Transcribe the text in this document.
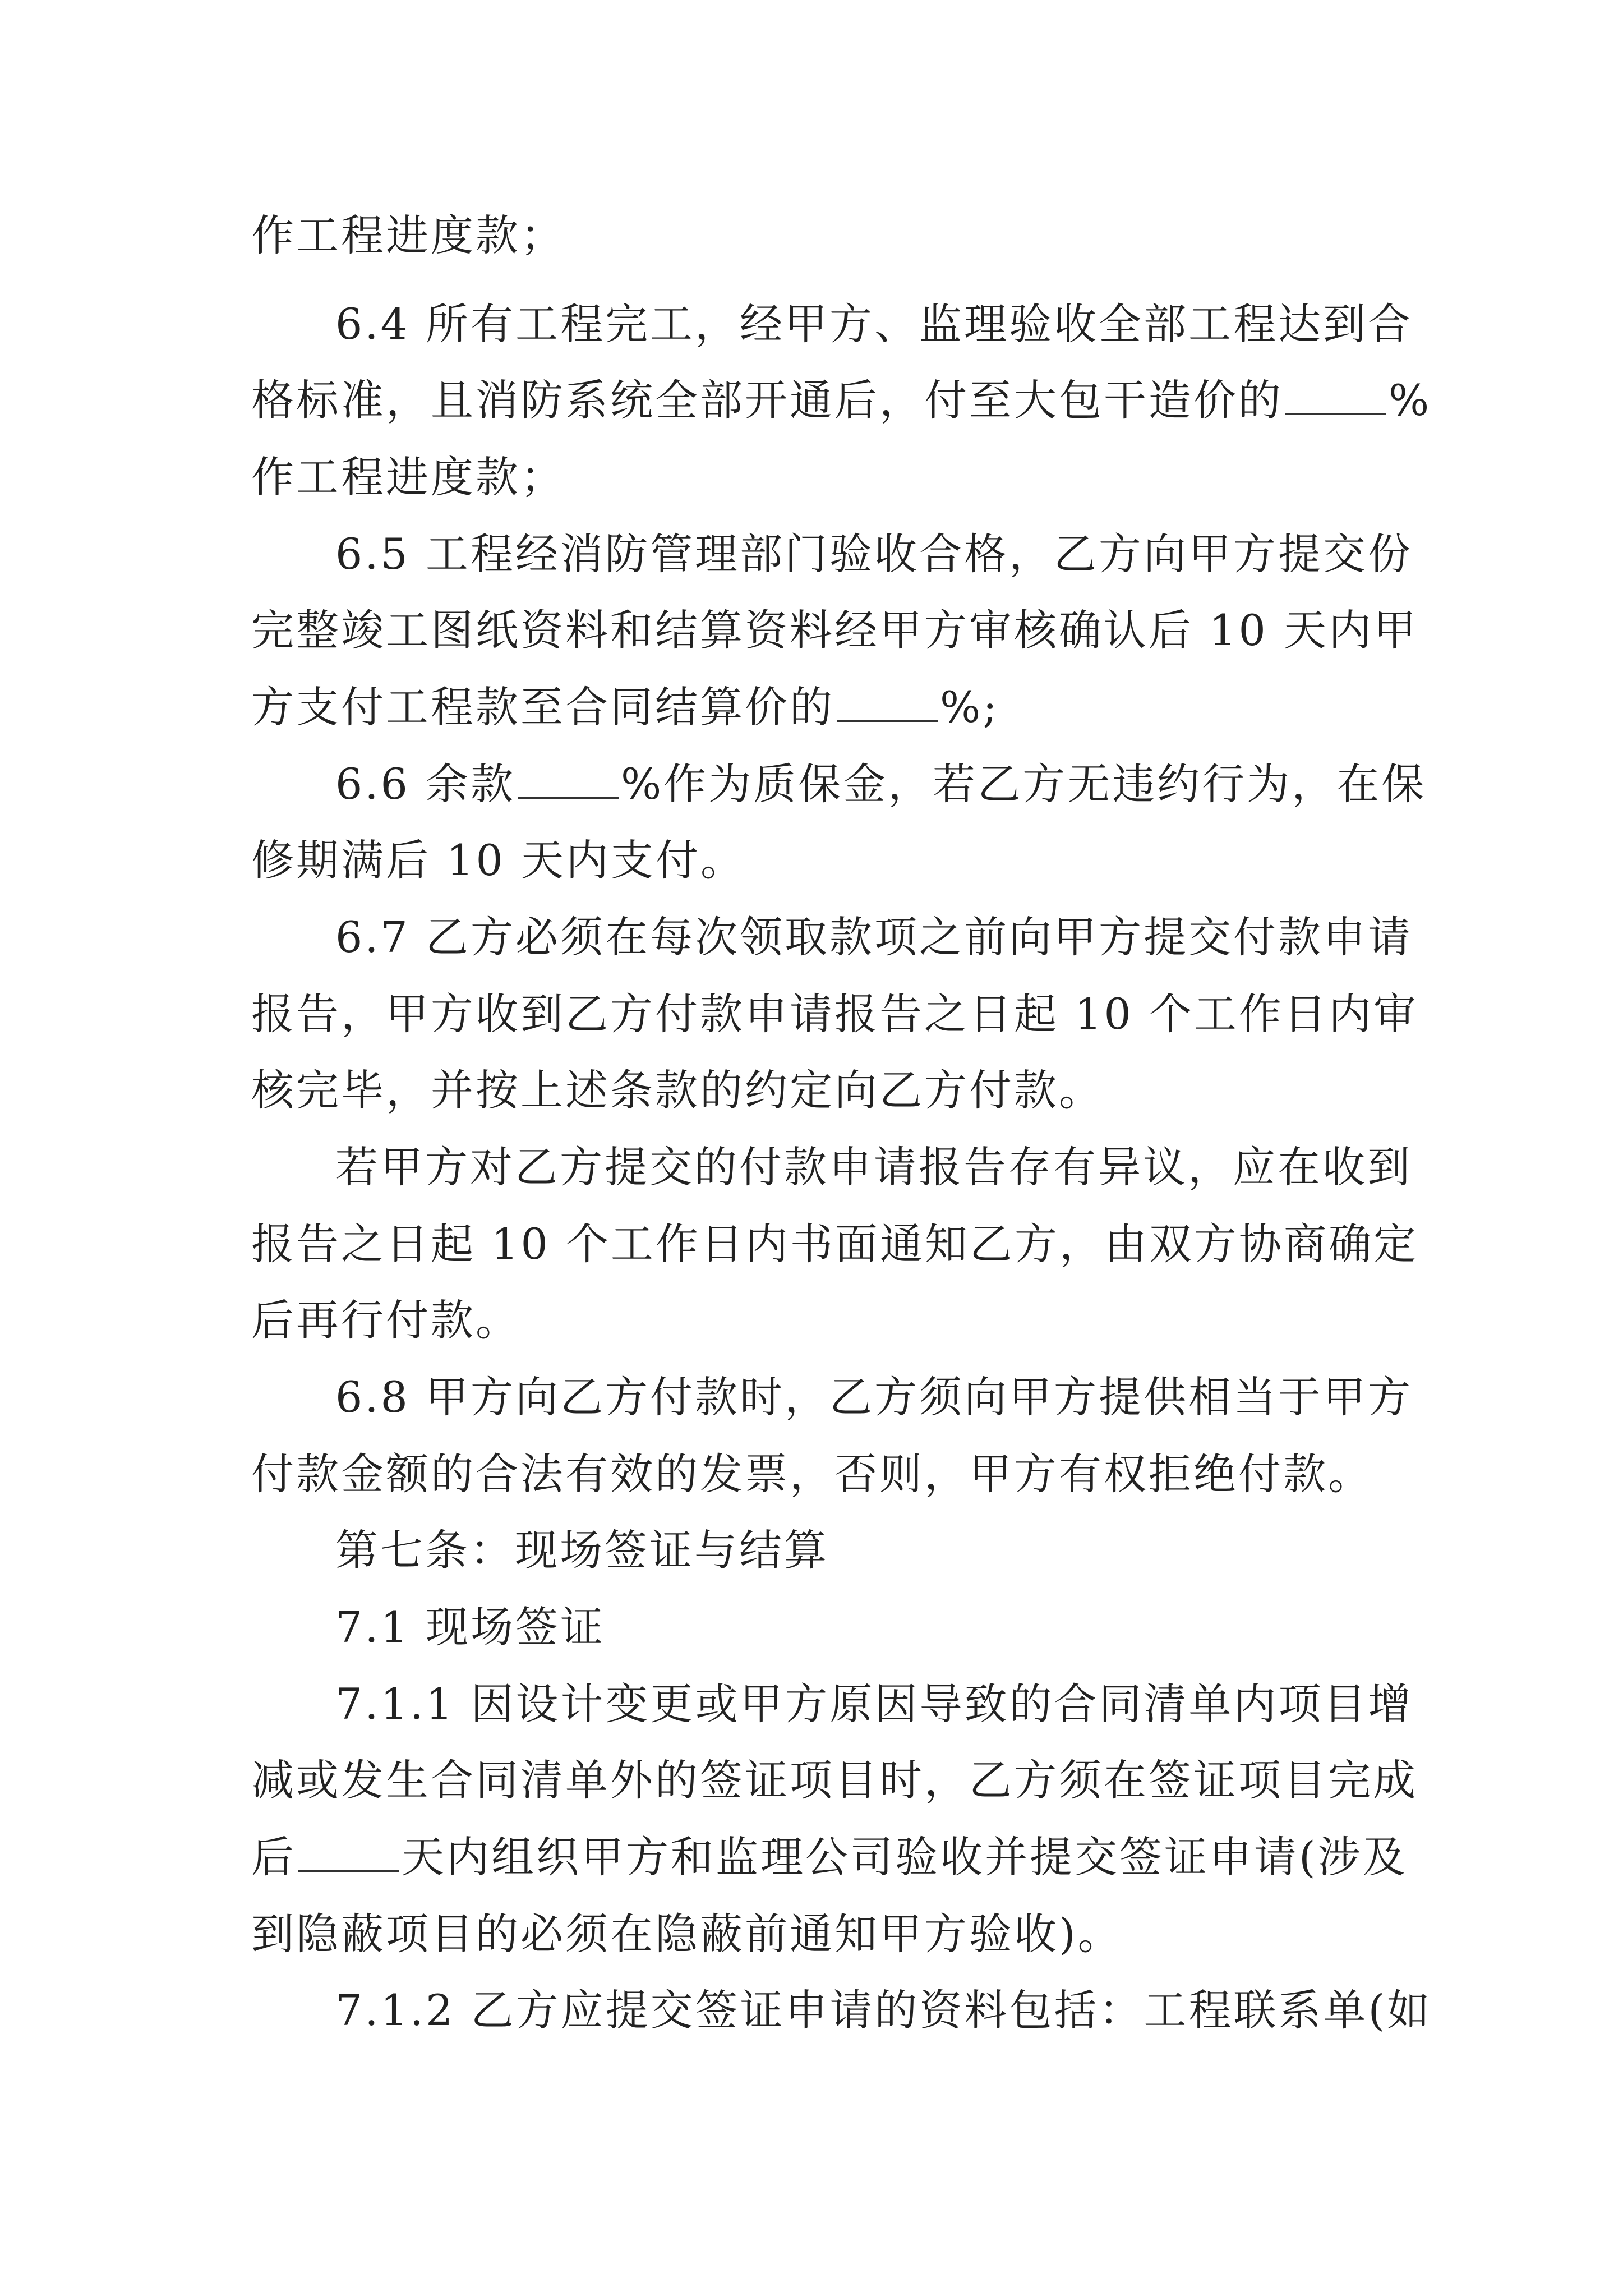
作工程进度款；
6.4 所有工程完工，经甲方、监理验收全部工程达到合
格标准，且消防系统全部开通后，付至大包干造价的 %
作工程进度款；
6.5 工程经消防管理部门验收合格，乙方向甲方提交份
完整竣工图纸资料和结算资料经甲方审核确认后 10 天内甲
方支付工程款至合同结算价的 %;
6.6 余款 %作为质保金，若乙方无违约行为，在保
修期满后 10 天内支付。
6.7 乙方必须在每次领取款项之前向甲方提交付款申请
报告，甲方收到乙方付款申请报告之日起 10 个工作日内审
核完毕，并按上述条款的约定向乙方付款。
若甲方对乙方提交的付款申请报告存有异议，应在收到
报告之日起 10 个工作日内书面通知乙方，由双方协商确定
后再行付款。
6.8 甲方向乙方付款时，乙方须向甲方提供相当于甲方
付款金额的合法有效的发票，否则，甲方有权拒绝付款。
第七条：现场签证与结算
7.1 现场签证
7.1.1 因设计变更或甲方原因导致的合同清单内项目增
减或发生合同清单外的签证项目时，乙方须在签证项目完成
后 天内组织甲方和监理公司验收并提交签证申请(涉及
到隐蔽项目的必须在隐蔽前通知甲方验收)。
7.1.2 乙方应提交签证申请的资料包括：工程联系单(如
